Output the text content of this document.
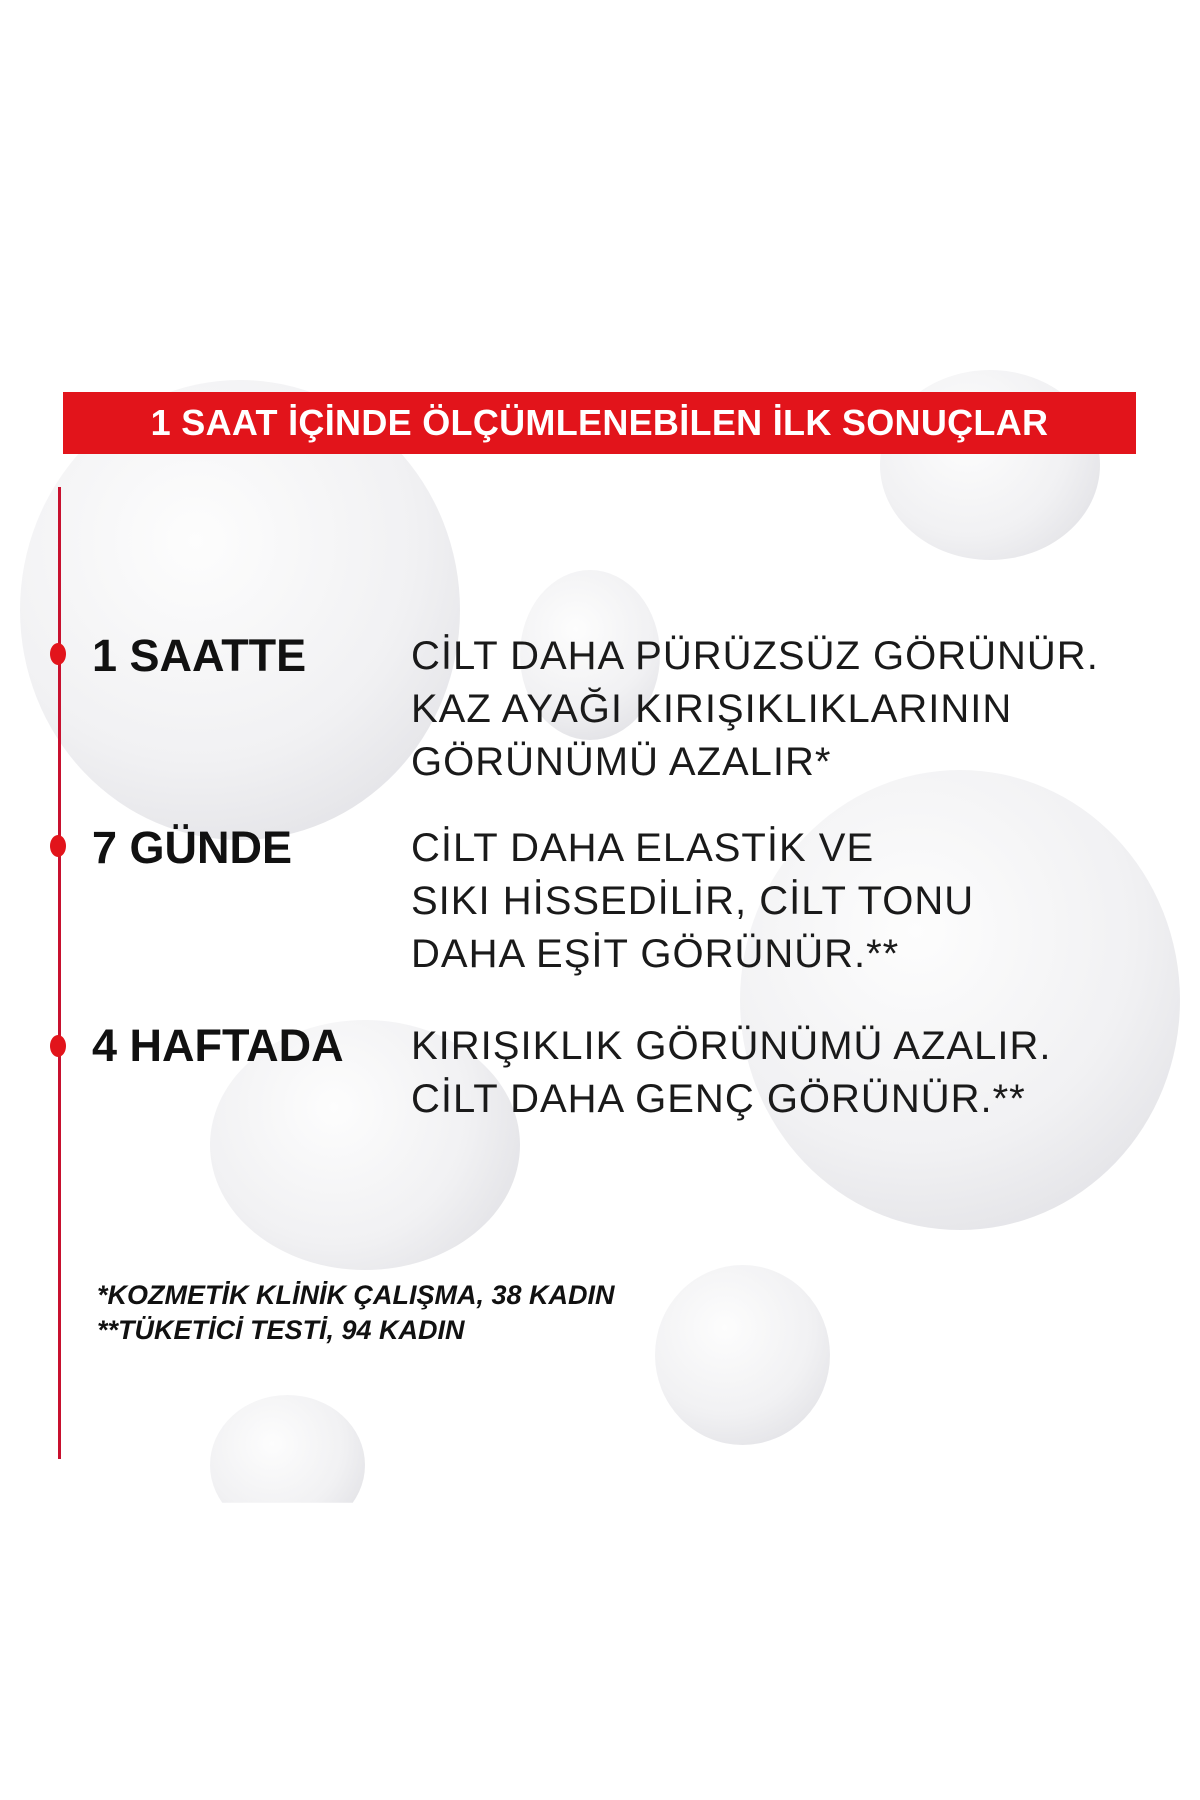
1 SAAT İÇİNDE ÖLÇÜMLENEBİLEN İLK SONUÇLAR
1 SAATTE	CİLT DAHA PÜRÜZSÜZ GÖRÜNÜR.
KAZ AYAĞI KIRIŞIKLIKLARININ
GÖRÜNÜMÜ AZALIR*
7 GÜNDE	CİLT DAHA ELASTİK VE
SIKI HİSSEDİLİR, CİLT TONU
DAHA EŞİT GÖRÜNÜR.**
4 HAFTADA KIRIŞIKLIK GÖRÜNÜMÜ AZALIR.
CİLT DAHA GENÇ GÖRÜNÜR.**
*KOZMETİK KLİNİK ÇALIŞMA, 38 KADIN
**TÜKETİCİ TESTİ, 94 KADIN
